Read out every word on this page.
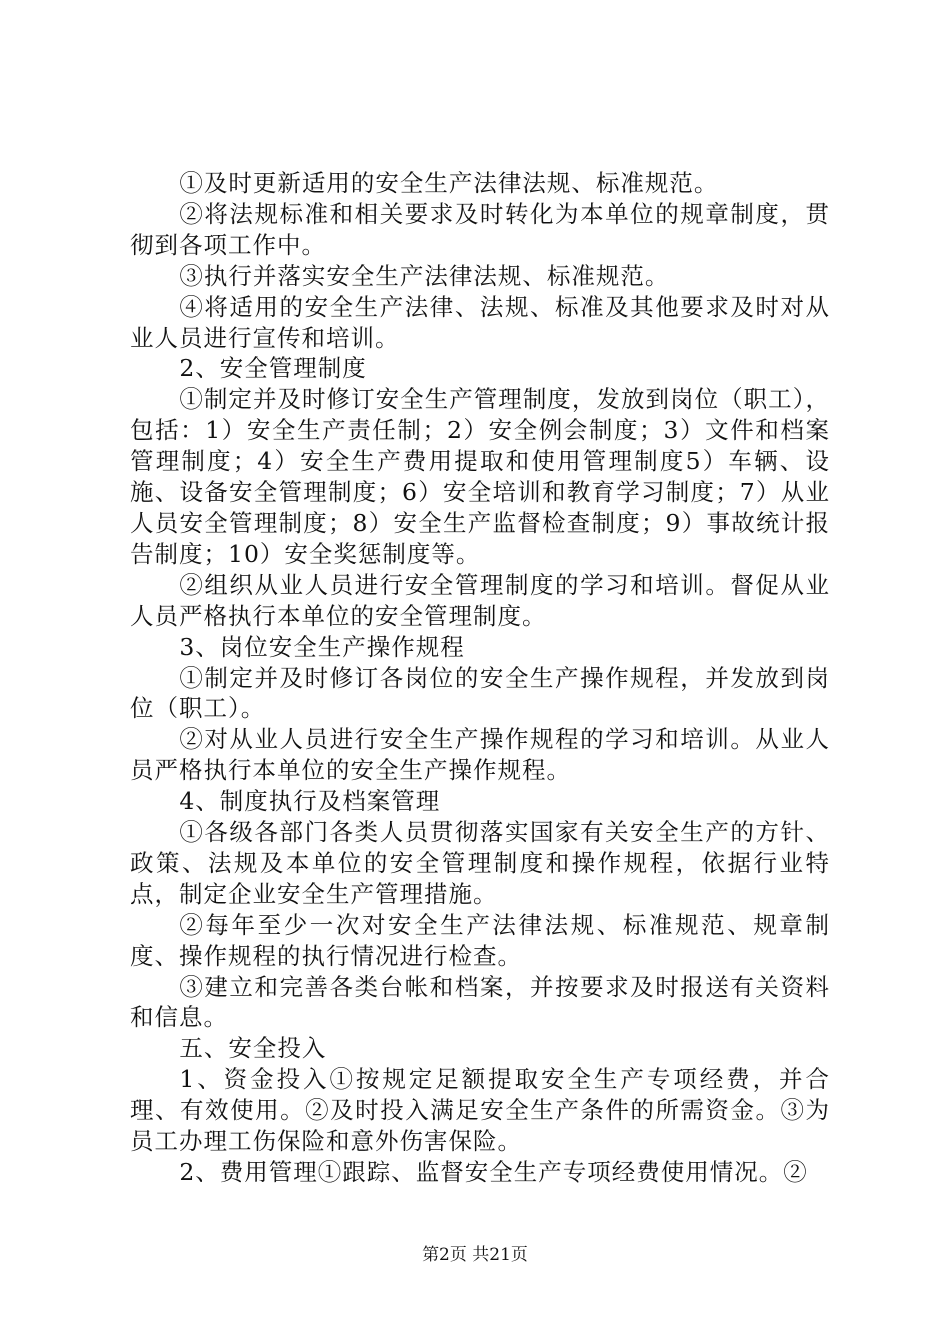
①及时更新适用的安全生产法律法规、标准规范。

②将法规标准和相关要求及时转化为本单位的规章制度，贯彻到各项工作中。

③执行并落实安全生产法律法规、标准规范。

④将适用的安全生产法律、法规、标准及其他要求及时对从业人员进行宣传和培训。

2、安全管理制度

①制定并及时修订安全生产管理制度，发放到岗位（职工），包括：1）安全生产责任制；2）安全例会制度；3）文件和档案管理制度；4）安全生产费用提取和使用管理制度5）车辆、设施、设备安全管理制度；6）安全培训和教育学习制度；7）从业人员安全管理制度；8）安全生产监督检查制度；9）事故统计报告制度；10）安全奖惩制度等。

②组织从业人员进行安全管理制度的学习和培训。督促从业人员严格执行本单位的安全管理制度。

3、岗位安全生产操作规程

①制定并及时修订各岗位的安全生产操作规程，并发放到岗位（职工）。

②对从业人员进行安全生产操作规程的学习和培训。从业人员严格执行本单位的安全生产操作规程。

4、制度执行及档案管理

①各级各部门各类人员贯彻落实国家有关安全生产的方针、政策、法规及本单位的安全管理制度和操作规程，依据行业特点，制定企业安全生产管理措施。

②每年至少一次对安全生产法律法规、标准规范、规章制度、操作规程的执行情况进行检查。

③建立和完善各类台帐和档案，并按要求及时报送有关资料和信息。

五、安全投入

1、资金投入①按规定足额提取安全生产专项经费，并合理、有效使用。②及时投入满足安全生产条件的所需资金。③为员工办理工伤保险和意外伤害保险。

2、费用管理①跟踪、监督安全生产专项经费使用情况。②

第2页 共21页
